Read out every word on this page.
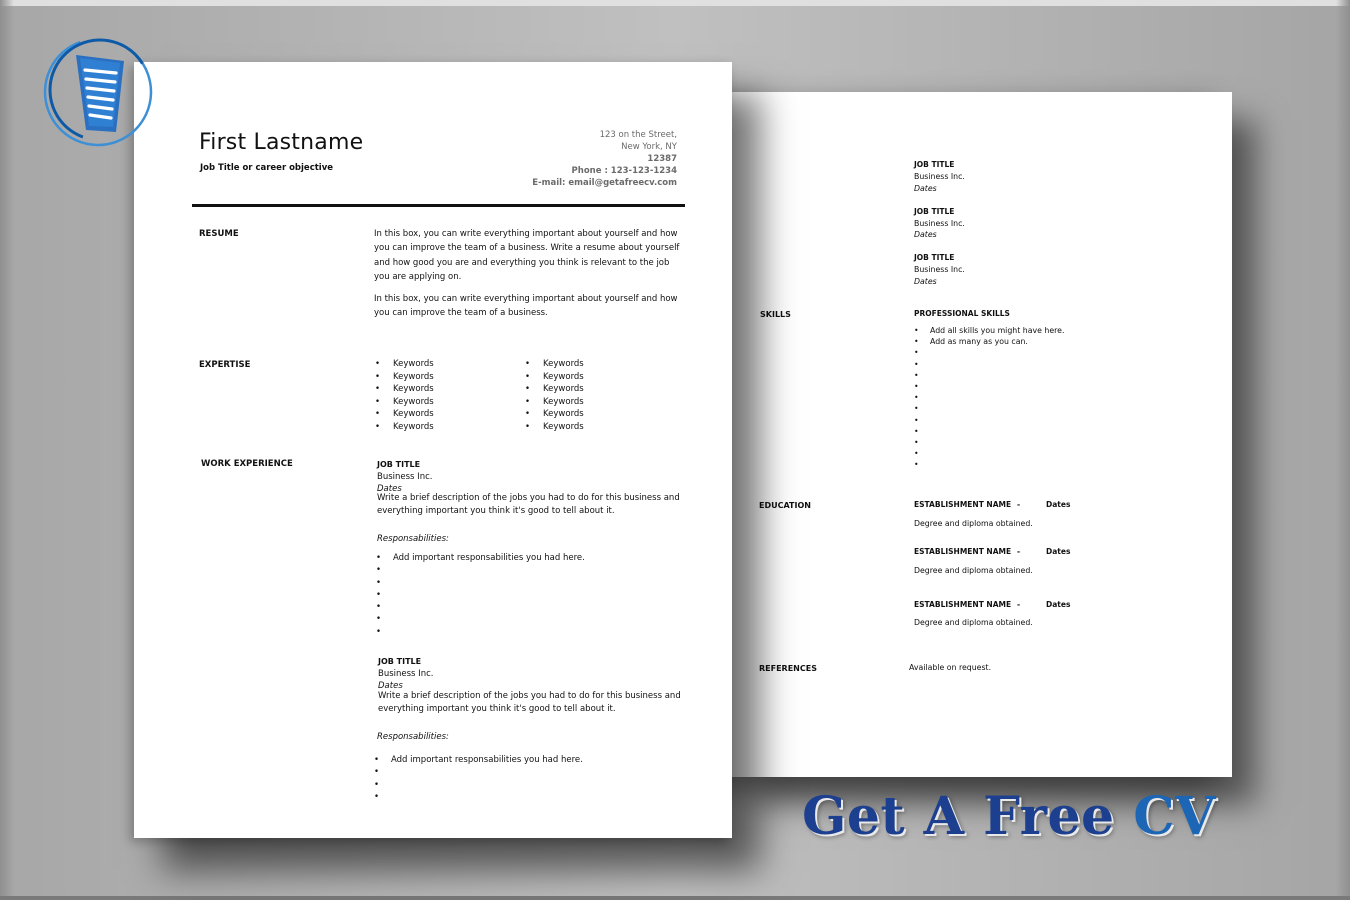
JOB TITLE
Business Inc.
Dates
JOB TITLE
Business Inc.
Dates
JOB TITLE
Business Inc.
Dates
SKILLS	PROFESSIONAL SKILLS
• Add all skills you might have here.
• Add as many as you can.
•
•
•
•
•
•
•
•
•
•
•
EDUCATION	ESTABLISHMENT NAME -	Dates
Degree and diploma obtained.
ESTABLISHMENT NAME -	Dates
Degree and diploma obtained.
ESTABLISHMENT NAME -	Dates
Degree and diploma obtained.
REFERENCES	Available on request.
First Lastname
Job Title or career objective
123 on the Street,
New York, NY
12387
Phone : 123-123-1234
E-mail: email@getafreecv.com
RESUME	In this box, you can write everything important about yourself and how you can improve the team of a business. Write a resume about yourself and how good you are and everything you think is relevant to the job you are applying on.
In this box, you can write everything important about yourself and how you can improve the team of a business.
EXPERTISE
•	Keywords
• Keywords
• Keywords
• Keywords
• Keywords
• Keywords
• Keywords
• Keywords
• Keywords
• Keywords
• Keywords
• Keywords
WORK EXPERIENCE	JOB TITLE
Business Inc.
Dates
Write a brief description of the jobs you had to do for this business and everything important you think it's good to tell about it.
Responsabilities:
• Add important responsabilities you had here.
•
•
•
•
•
•
JOB TITLE
Business Inc.
Dates
Write a brief description of the jobs you had to do for this business and everything important you think it's good to tell about it.
Responsabilities:
• Add important responsabilities you had here.
•
•
•
Get A Free CV
